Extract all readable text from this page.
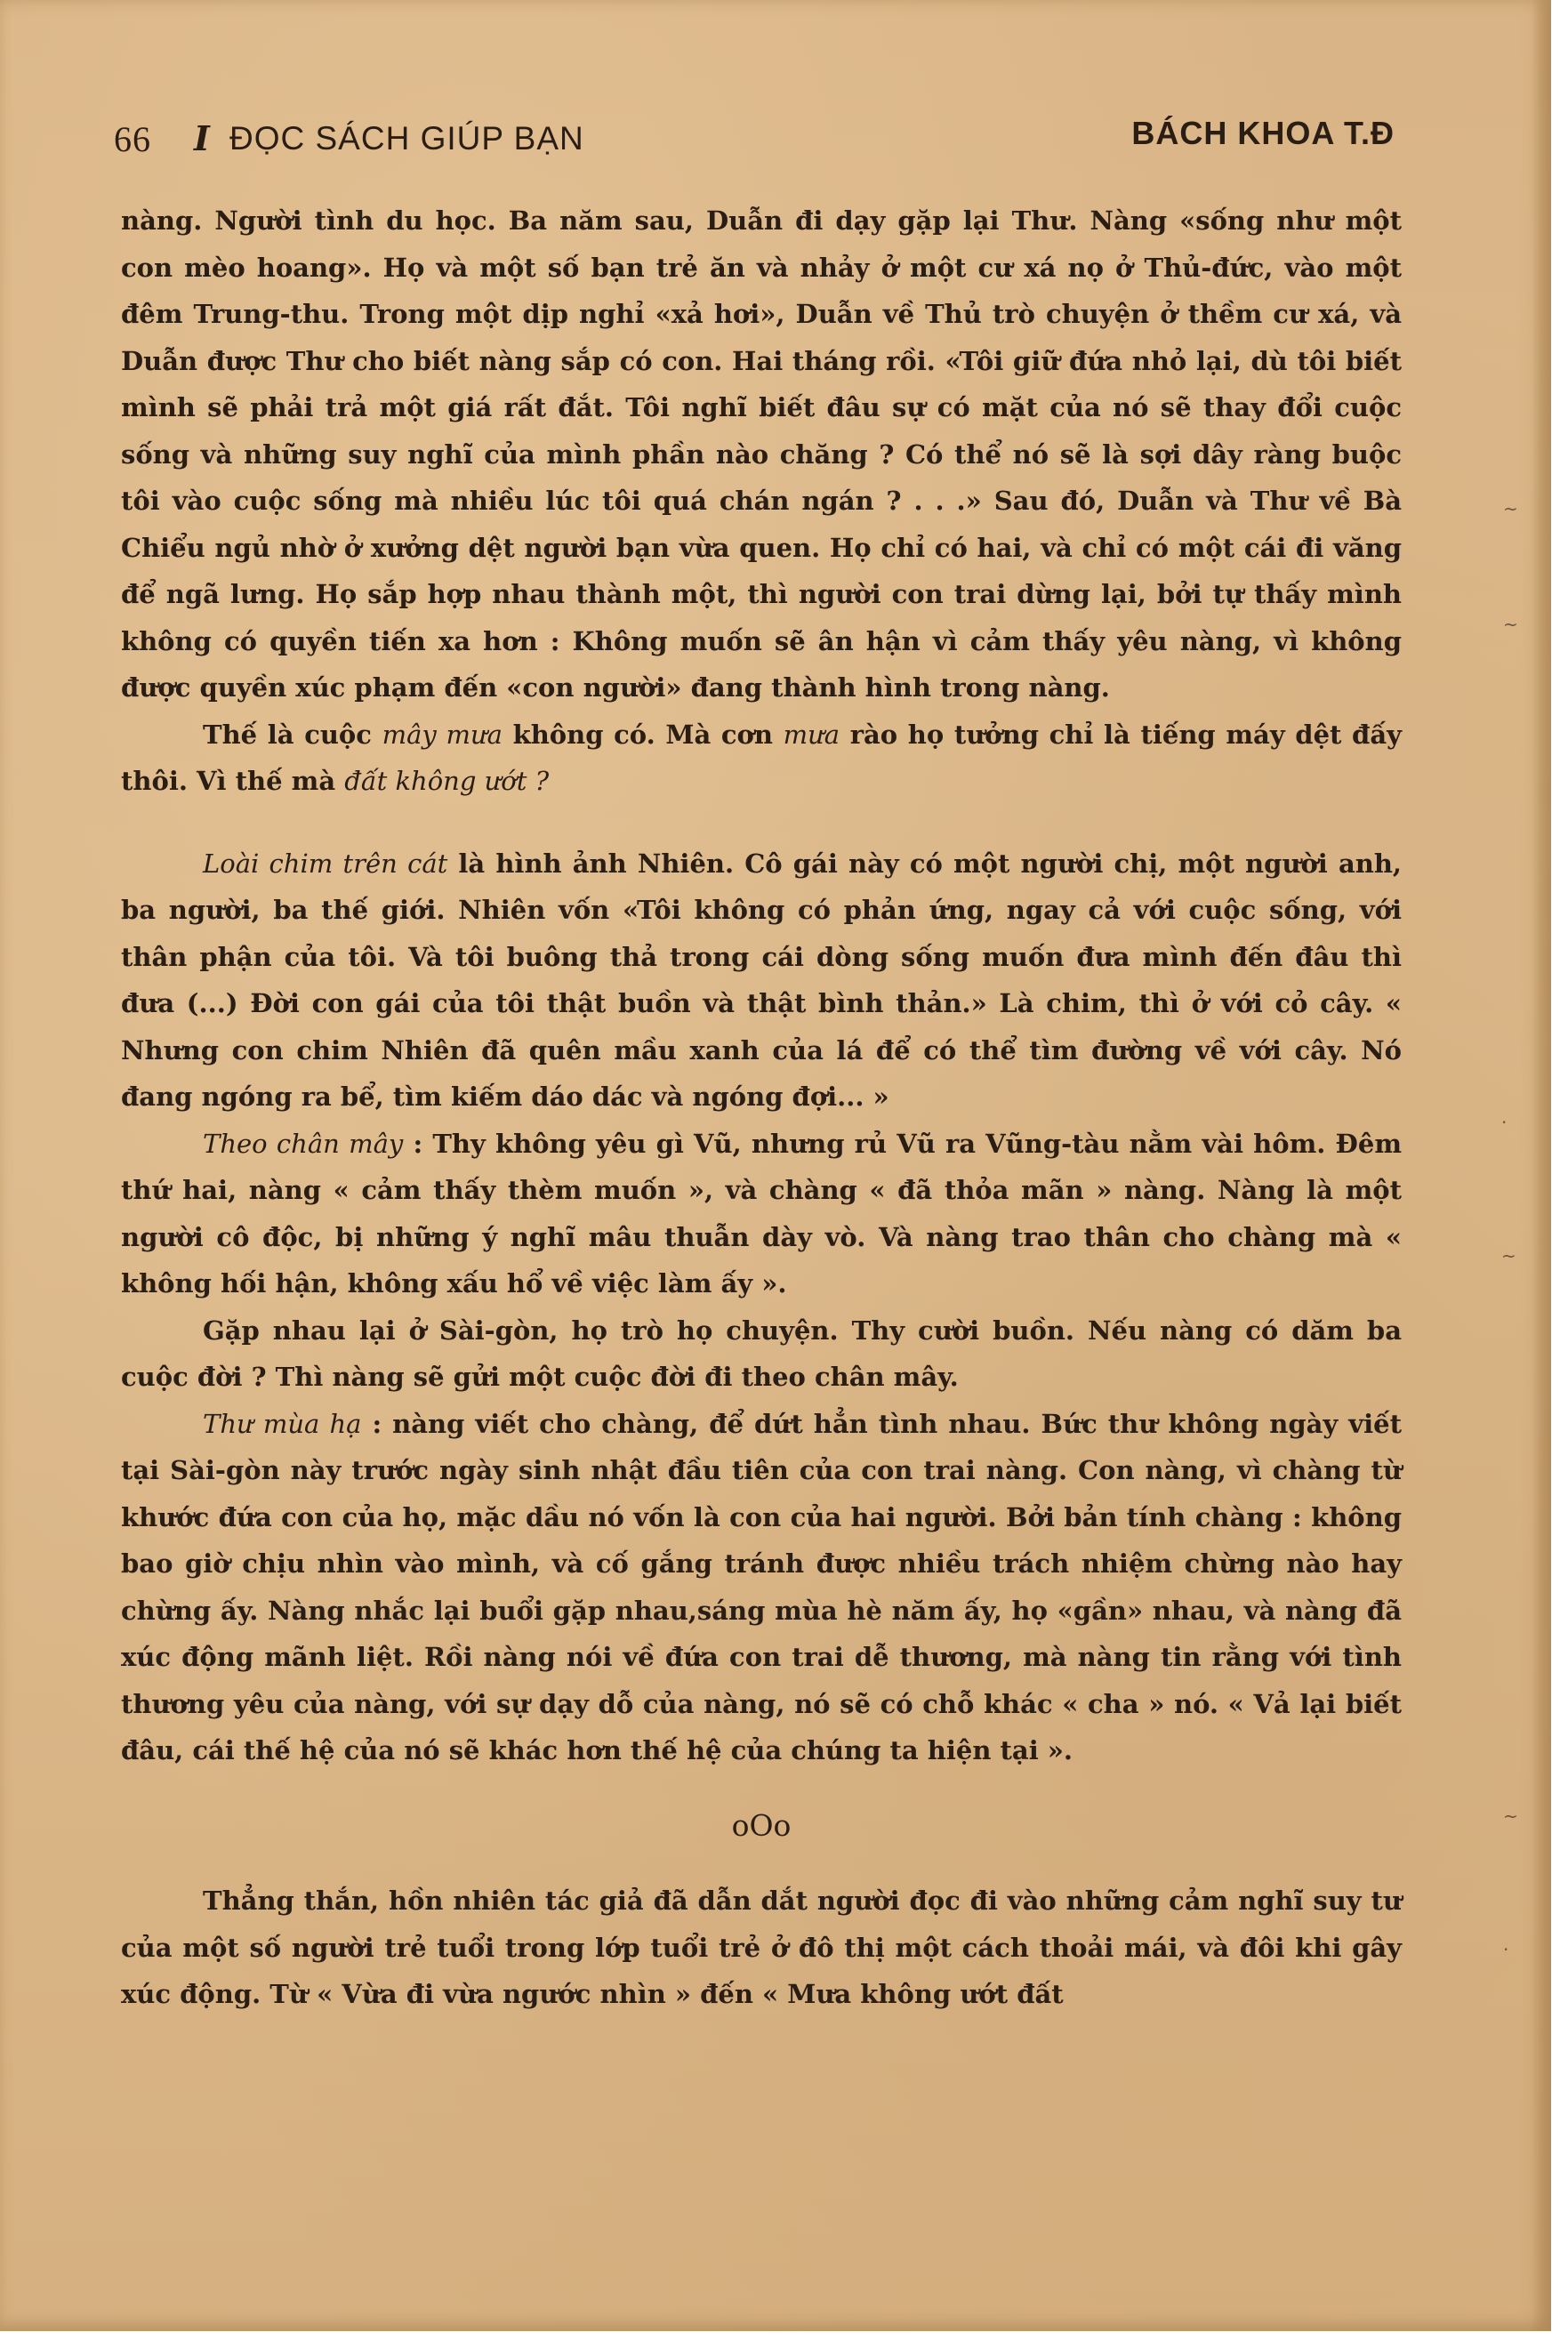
66 I ĐỌC SÁCH GIÚP BẠN	BÁCH KHOA T.Đ

nàng. Người tình du học. Ba năm sau, Duẫn đi dạy gặp lại Thư. Nàng «sống như một con mèo hoang». Họ và một số bạn trẻ ăn và nhảy ở một cư xá nọ ở Thủ-đức, vào một đêm Trung-thu. Trong một dịp nghỉ «xả hơi», Duẫn về Thủ trò chuyện ở thềm cư xá, và Duẫn được Thư cho biết nàng sắp có con. Hai tháng rồi. «Tôi giữ đứa nhỏ lại, dù tôi biết mình sẽ phải trả một giá rất đắt. Tôi nghĩ biết đâu sự có mặt của nó sẽ thay đổi cuộc sống và những suy nghĩ của mình phần nào chăng ? Có thể nó sẽ là sợi dây ràng buộc tôi vào cuộc sống mà nhiều lúc tôi quá chán ngán ? . . .» Sau đó, Duẫn và Thư về Bà Chiểu ngủ nhờ ở xưởng dệt người bạn vừa quen. Họ chỉ có hai, và chỉ có một cái đi văng để ngã lưng. Họ sắp hợp nhau thành một, thì người con trai dừng lại, bởi tự thấy mình không có quyền tiến xa hơn : Không muốn sẽ ân hận vì cảm thấy yêu nàng, vì không được quyền xúc phạm đến «con người» đang thành hình trong nàng.

Thế là cuộc mây mưa không có. Mà cơn mưa rào họ tưởng chỉ là tiếng máy dệt đấy thôi. Vì thế mà đất không ướt ?

Loài chim trên cát là hình ảnh Nhiên. Cô gái này có một người chị, một người anh, ba người, ba thế giới. Nhiên vốn «Tôi không có phản ứng, ngay cả với cuộc sống, với thân phận của tôi. Và tôi buông thả trong cái dòng sống muốn đưa mình đến đâu thì đưa (...) Đời con gái của tôi thật buồn và thật bình thản.» Là chim, thì ở với cỏ cây. « Nhưng con chim Nhiên đã quên mầu xanh của lá để có thể tìm đường về với cây. Nó đang ngóng ra bể, tìm kiếm dáo dác và ngóng đợi... »

Theo chân mây : Thy không yêu gì Vũ, nhưng rủ Vũ ra Vũng-tàu nằm vài hôm. Đêm thứ hai, nàng « cảm thấy thèm muốn », và chàng « đã thỏa mãn » nàng. Nàng là một người cô độc, bị những ý nghĩ mâu thuẫn dày vò. Và nàng trao thân cho chàng mà « không hối hận, không xấu hổ về việc làm ấy ».

Gặp nhau lại ở Sài-gòn, họ trò họ chuyện. Thy cười buồn. Nếu nàng có dăm ba cuộc đời ? Thì nàng sẽ gửi một cuộc đời đi theo chân mây.

Thư mùa hạ : nàng viết cho chàng, để dứt hẳn tình nhau. Bức thư không ngày viết tại Sài-gòn này trước ngày sinh nhật đầu tiên của con trai nàng. Con nàng, vì chàng từ khước đứa con của họ, mặc dầu nó vốn là con của hai người. Bởi bản tính chàng : không bao giờ chịu nhìn vào mình, và cố gắng tránh được nhiều trách nhiệm chừng nào hay chừng ấy. Nàng nhắc lại buổi gặp nhau,sáng mùa hè năm ấy, họ «gần» nhau, và nàng đã xúc động mãnh liệt. Rồi nàng nói về đứa con trai dễ thương, mà nàng tin rằng với tình thương yêu của nàng, với sự dạy dỗ của nàng, nó sẽ có chỗ khác « cha » nó. « Vả lại biết đâu, cái thế hệ của nó sẽ khác hơn thế hệ của chúng ta hiện tại ».

oOo

Thẳng thắn, hồn nhiên tác giả đã dẫn dắt người đọc đi vào những cảm nghĩ suy tư của một số người trẻ tuổi trong lớp tuổi trẻ ở đô thị một cách thoải mái, và đôi khi gây xúc động. Từ « Vừa đi vừa ngước nhìn » đến « Mưa không ướt đất

~
~
·
~
~
·
